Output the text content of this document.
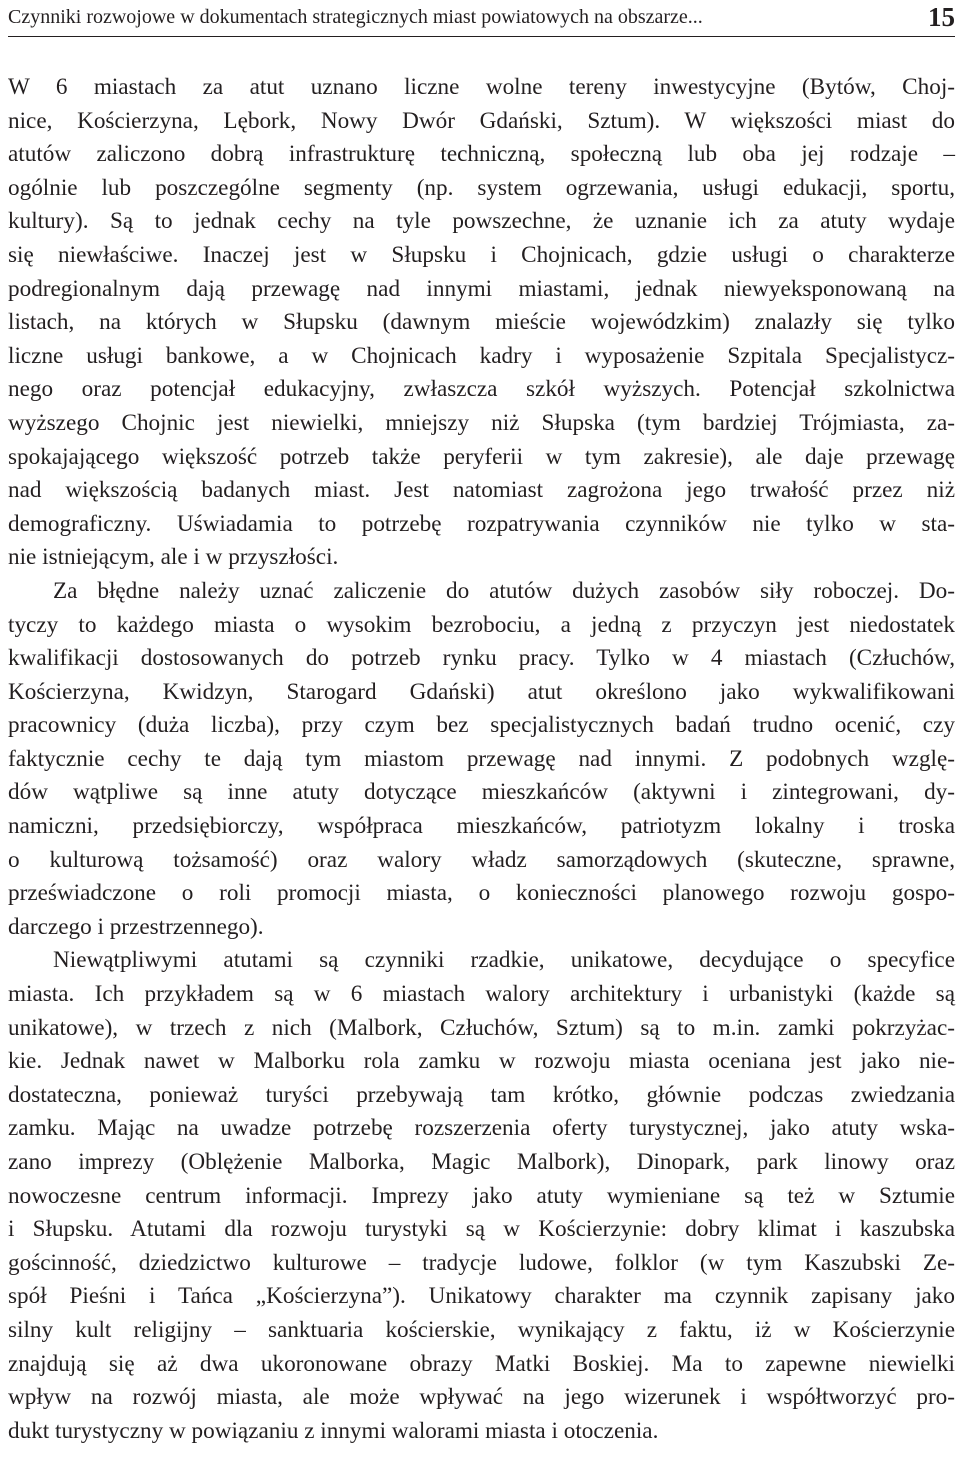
Czynniki rozwojowe w dokumentach strategicznych miast powiatowych na obszarze...	15
W 6 miastach za atut uznano liczne wolne tereny inwestycyjne (Bytów, Choj-
nice, Kościerzyna, Lębork, Nowy Dwór Gdański, Sztum). W większości miast do
atutów zaliczono dobrą infrastrukturę techniczną, społeczną lub oba jej rodzaje –
ogólnie lub poszczególne segmenty (np. system ogrzewania, usługi edukacji, sportu,
kultury). Są to jednak cechy na tyle powszechne, że uznanie ich za atuty wydaje
się niewłaściwe. Inaczej jest w Słupsku i Chojnicach, gdzie usługi o charakterze
podregionalnym dają przewagę nad innymi miastami, jednak niewyeksponowaną na
listach, na których w Słupsku (dawnym mieście wojewódzkim) znalazły się tylko
liczne usługi bankowe, a w Chojnicach kadry i wyposażenie Szpitala Specjalistycz-
nego oraz potencjał edukacyjny, zwłaszcza szkół wyższych. Potencjał szkolnictwa
wyższego Chojnic jest niewielki, mniejszy niż Słupska (tym bardziej Trójmiasta, za-
spokajającego większość potrzeb także peryferii w tym zakresie), ale daje przewagę
nad większością badanych miast. Jest natomiast zagrożona jego trwałość przez niż
demograficzny. Uświadamia to potrzebę rozpatrywania czynników nie tylko w sta-
nie istniejącym, ale i w przyszłości.
Za błędne należy uznać zaliczenie do atutów dużych zasobów siły roboczej. Do-
tyczy to każdego miasta o wysokim bezrobociu, a jedną z przyczyn jest niedostatek
kwalifikacji dostosowanych do potrzeb rynku pracy. Tylko w 4 miastach (Człuchów,
Kościerzyna, Kwidzyn, Starogard Gdański) atut określono jako wykwalifikowani
pracownicy (duża liczba), przy czym bez specjalistycznych badań trudno ocenić, czy
faktycznie cechy te dają tym miastom przewagę nad innymi. Z podobnych wzglę-
dów wątpliwe są inne atuty dotyczące mieszkańców (aktywni i zintegrowani, dy-
namiczni, przedsiębiorczy, współpraca mieszkańców, patriotyzm lokalny i troska
o kulturową tożsamość) oraz walory władz samorządowych (skuteczne, sprawne,
przeświadczone o roli promocji miasta, o konieczności planowego rozwoju gospo-
darczego i przestrzennego).
Niewątpliwymi atutami są czynniki rzadkie, unikatowe, decydujące o specyfice
miasta. Ich przykładem są w 6 miastach walory architektury i urbanistyki (każde są
unikatowe), w trzech z nich (Malbork, Człuchów, Sztum) są to m.in. zamki pokrzyżac-
kie. Jednak nawet w Malborku rola zamku w rozwoju miasta oceniana jest jako nie-
dostateczna, ponieważ turyści przebywają tam krótko, głównie podczas zwiedzania
zamku. Mając na uwadze potrzebę rozszerzenia oferty turystycznej, jako atuty wska-
zano imprezy (Oblężenie Malborka, Magic Malbork), Dinopark, park linowy oraz
nowoczesne centrum informacji. Imprezy jako atuty wymieniane są też w Sztumie
i Słupsku. Atutami dla rozwoju turystyki są w Kościerzynie: dobry klimat i kaszubska
gościnność, dziedzictwo kulturowe – tradycje ludowe, folklor (w tym Kaszubski Ze-
spół Pieśni i Tańca „Kościerzyna”). Unikatowy charakter ma czynnik zapisany jako
silny kult religijny – sanktuaria kościerskie, wynikający z faktu, iż w Kościerzynie
znajdują się aż dwa ukoronowane obrazy Matki Boskiej. Ma to zapewne niewielki
wpływ na rozwój miasta, ale może wpływać na jego wizerunek i współtworzyć pro-
dukt turystyczny w powiązaniu z innymi walorami miasta i otoczenia.
